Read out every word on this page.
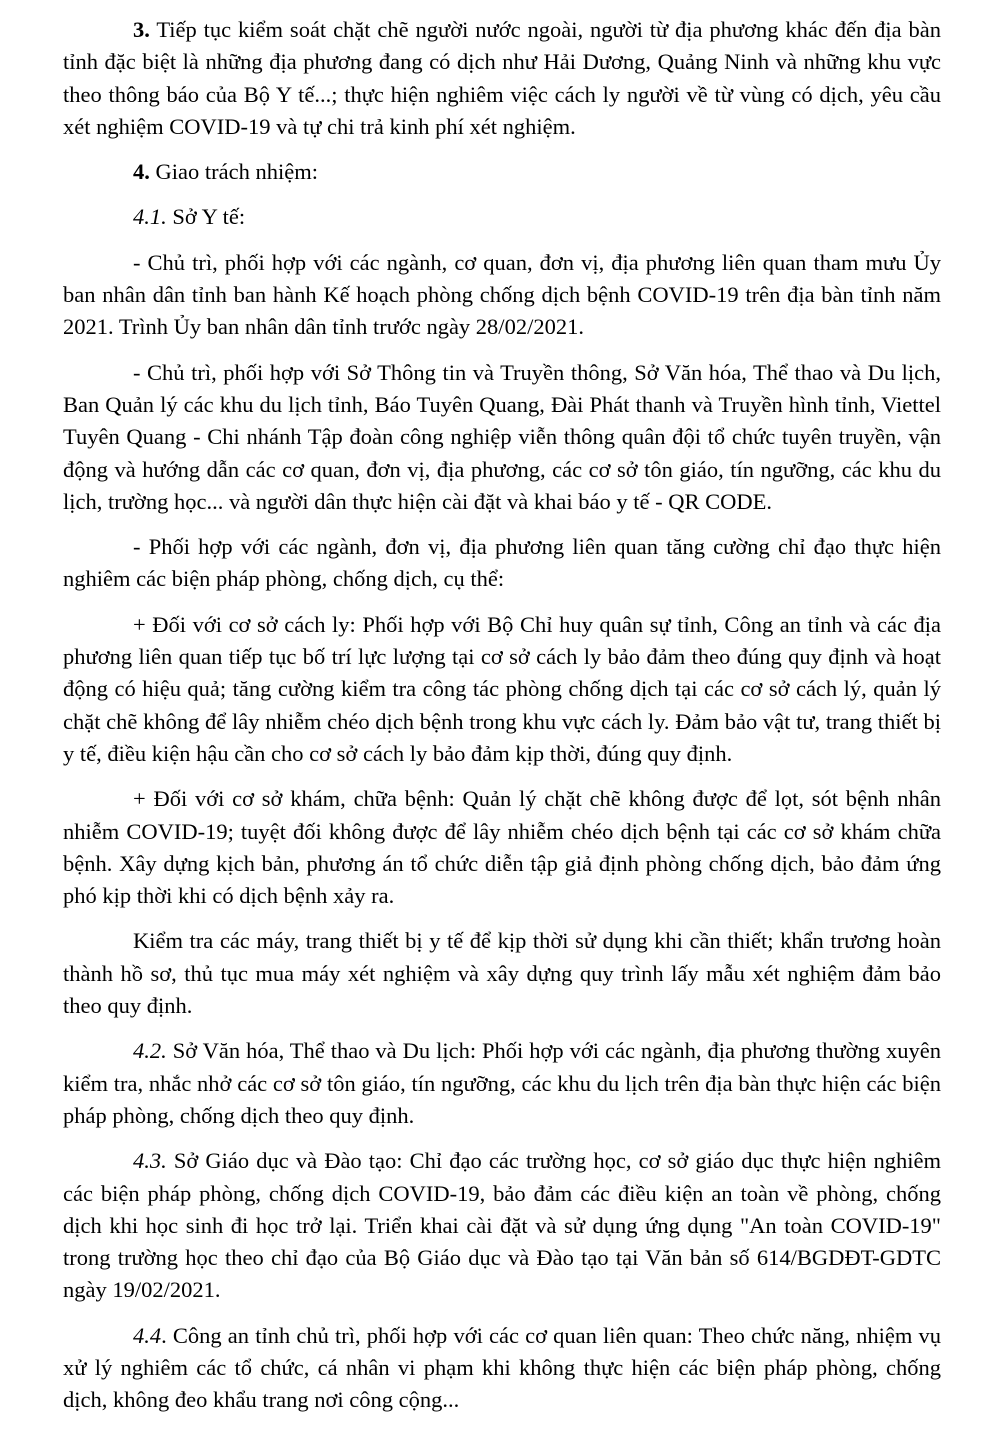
3. Tiếp tục kiểm soát chặt chẽ người nước ngoài, người từ địa phương khác đến địa bàn tỉnh đặc biệt là những địa phương đang có dịch như Hải Dương, Quảng Ninh và những khu vực theo thông báo của Bộ Y tế...; thực hiện nghiêm việc cách ly người về từ vùng có dịch, yêu cầu xét nghiệm COVID-19 và tự chi trả kinh phí xét nghiệm.

4. Giao trách nhiệm:

4.1. Sở Y tế:

- Chủ trì, phối hợp với các ngành, cơ quan, đơn vị, địa phương liên quan tham mưu Ủy ban nhân dân tỉnh ban hành Kế hoạch phòng chống dịch bệnh COVID-19 trên địa bàn tỉnh năm 2021. Trình Ủy ban nhân dân tỉnh trước ngày 28/02/2021.

- Chủ trì, phối hợp với Sở Thông tin và Truyền thông, Sở Văn hóa, Thể thao và Du lịch, Ban Quản lý các khu du lịch tỉnh, Báo Tuyên Quang, Đài Phát thanh và Truyền hình tỉnh, Viettel Tuyên Quang - Chi nhánh Tập đoàn công nghiệp viễn thông quân đội tổ chức tuyên truyền, vận động và hướng dẫn các cơ quan, đơn vị, địa phương, các cơ sở tôn giáo, tín ngưỡng, các khu du lịch, trường học... và người dân thực hiện cài đặt và khai báo y tế - QR CODE.

- Phối hợp với các ngành, đơn vị, địa phương liên quan tăng cường chỉ đạo thực hiện nghiêm các biện pháp phòng, chống dịch, cụ thể:

+ Đối với cơ sở cách ly: Phối hợp với Bộ Chỉ huy quân sự tỉnh, Công an tỉnh và các địa phương liên quan tiếp tục bố trí lực lượng tại cơ sở cách ly bảo đảm theo đúng quy định và hoạt động có hiệu quả; tăng cường kiểm tra công tác phòng chống dịch tại các cơ sở cách lý, quản lý chặt chẽ không để lây nhiễm chéo dịch bệnh trong khu vực cách ly. Đảm bảo vật tư, trang thiết bị y tế, điều kiện hậu cần cho cơ sở cách ly bảo đảm kịp thời, đúng quy định.

+ Đối với cơ sở khám, chữa bệnh: Quản lý chặt chẽ không được để lọt, sót bệnh nhân nhiễm COVID-19; tuyệt đối không được để lây nhiễm chéo dịch bệnh tại các cơ sở khám chữa bệnh. Xây dựng kịch bản, phương án tổ chức diễn tập giả định phòng chống dịch, bảo đảm ứng phó kịp thời khi có dịch bệnh xảy ra.

Kiểm tra các máy, trang thiết bị y tế để kịp thời sử dụng khi cần thiết; khẩn trương hoàn thành hồ sơ, thủ tục mua máy xét nghiệm và xây dựng quy trình lấy mẫu xét nghiệm đảm bảo theo quy định.

4.2. Sở Văn hóa, Thể thao và Du lịch: Phối hợp với các ngành, địa phương thường xuyên kiểm tra, nhắc nhở các cơ sở tôn giáo, tín ngưỡng, các khu du lịch trên địa bàn thực hiện các biện pháp phòng, chống dịch theo quy định.

4.3. Sở Giáo dục và Đào tạo: Chỉ đạo các trường học, cơ sở giáo dục thực hiện nghiêm các biện pháp phòng, chống dịch COVID-19, bảo đảm các điều kiện an toàn về phòng, chống dịch khi học sinh đi học trở lại. Triển khai cài đặt và sử dụng ứng dụng "An toàn COVID-19" trong trường học theo chỉ đạo của Bộ Giáo dục và Đào tạo tại Văn bản số 614/BGDĐT-GDTC ngày 19/02/2021.

4.4. Công an tỉnh chủ trì, phối hợp với các cơ quan liên quan: Theo chức năng, nhiệm vụ xử lý nghiêm các tổ chức, cá nhân vi phạm khi không thực hiện các biện pháp phòng, chống dịch, không đeo khẩu trang nơi công cộng...
